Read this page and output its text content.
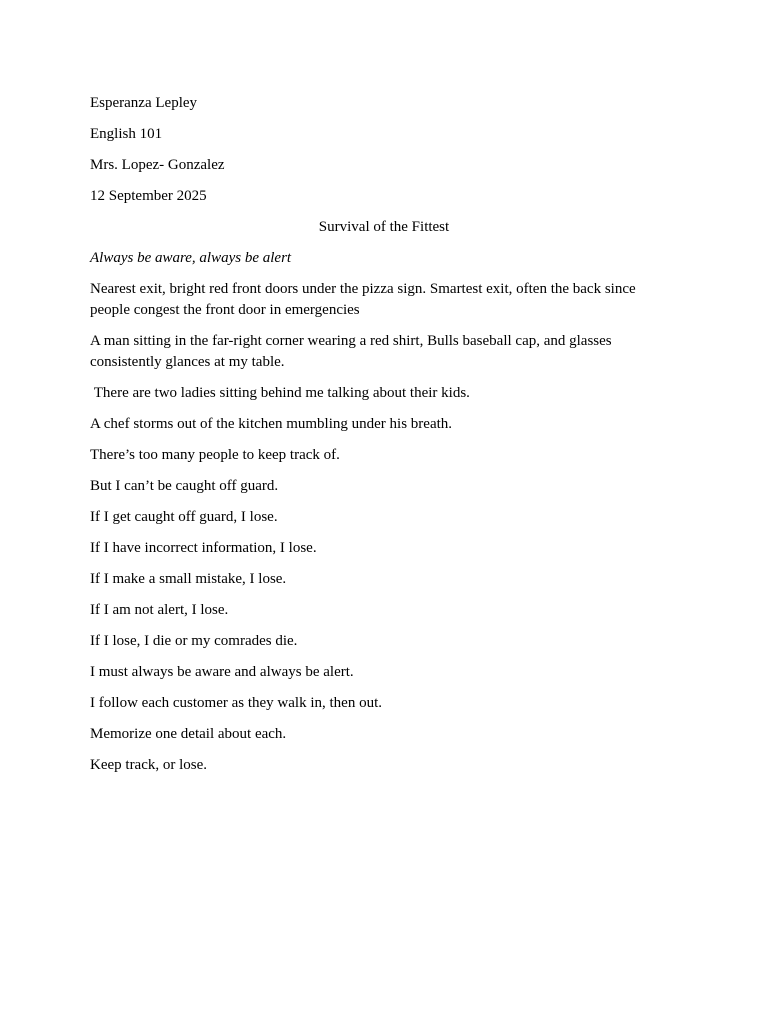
Esperanza Lepley

English 101

Mrs. Lopez- Gonzalez

12 September 2025

Survival of the Fittest

Always be aware, always be alert

Nearest exit, bright red front doors under the pizza sign. Smartest exit, often the back since people congest the front door in emergencies

A man sitting in the far-right corner wearing a red shirt, Bulls baseball cap, and glasses consistently glances at my table.

There are two ladies sitting behind me talking about their kids.

A chef storms out of the kitchen mumbling under his breath.

There’s too many people to keep track of.

But I can’t be caught off guard.

If I get caught off guard, I lose.

If I have incorrect information, I lose.

If I make a small mistake, I lose.

If I am not alert, I lose.

If I lose, I die or my comrades die.

I must always be aware and always be alert.

I follow each customer as they walk in, then out.

Memorize one detail about each.

Keep track, or lose.
